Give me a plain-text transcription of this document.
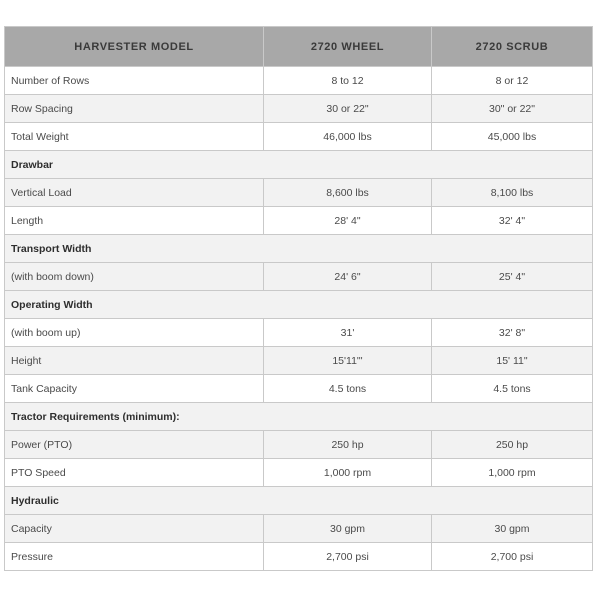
HARVESTER MODEL	2720 WHEEL	2720 SCRUB
Number of Rows	8 to 12	8 or 12
Row Spacing	30 or 22"	30" or 22"
Total Weight	46,000 lbs	45,000 lbs
Drawbar		
Vertical Load	8,600 lbs	8,100 lbs
Length	28' 4"	32' 4"
Transport Width		
(with boom down)	24' 6"	25' 4"
Operating Width		
(with boom up)	31'	32' 8"
Height	15'11"'	15' 11"
Tank Capacity	4.5 tons	4.5 tons
Tractor Requirements (minimum):		
Power (PTO)	250 hp	250 hp
PTO Speed	1,000 rpm	1,000 rpm
Hydraulic		
Capacity	30 gpm	30 gpm
Pressure	2,700 psi	2,700 psi
